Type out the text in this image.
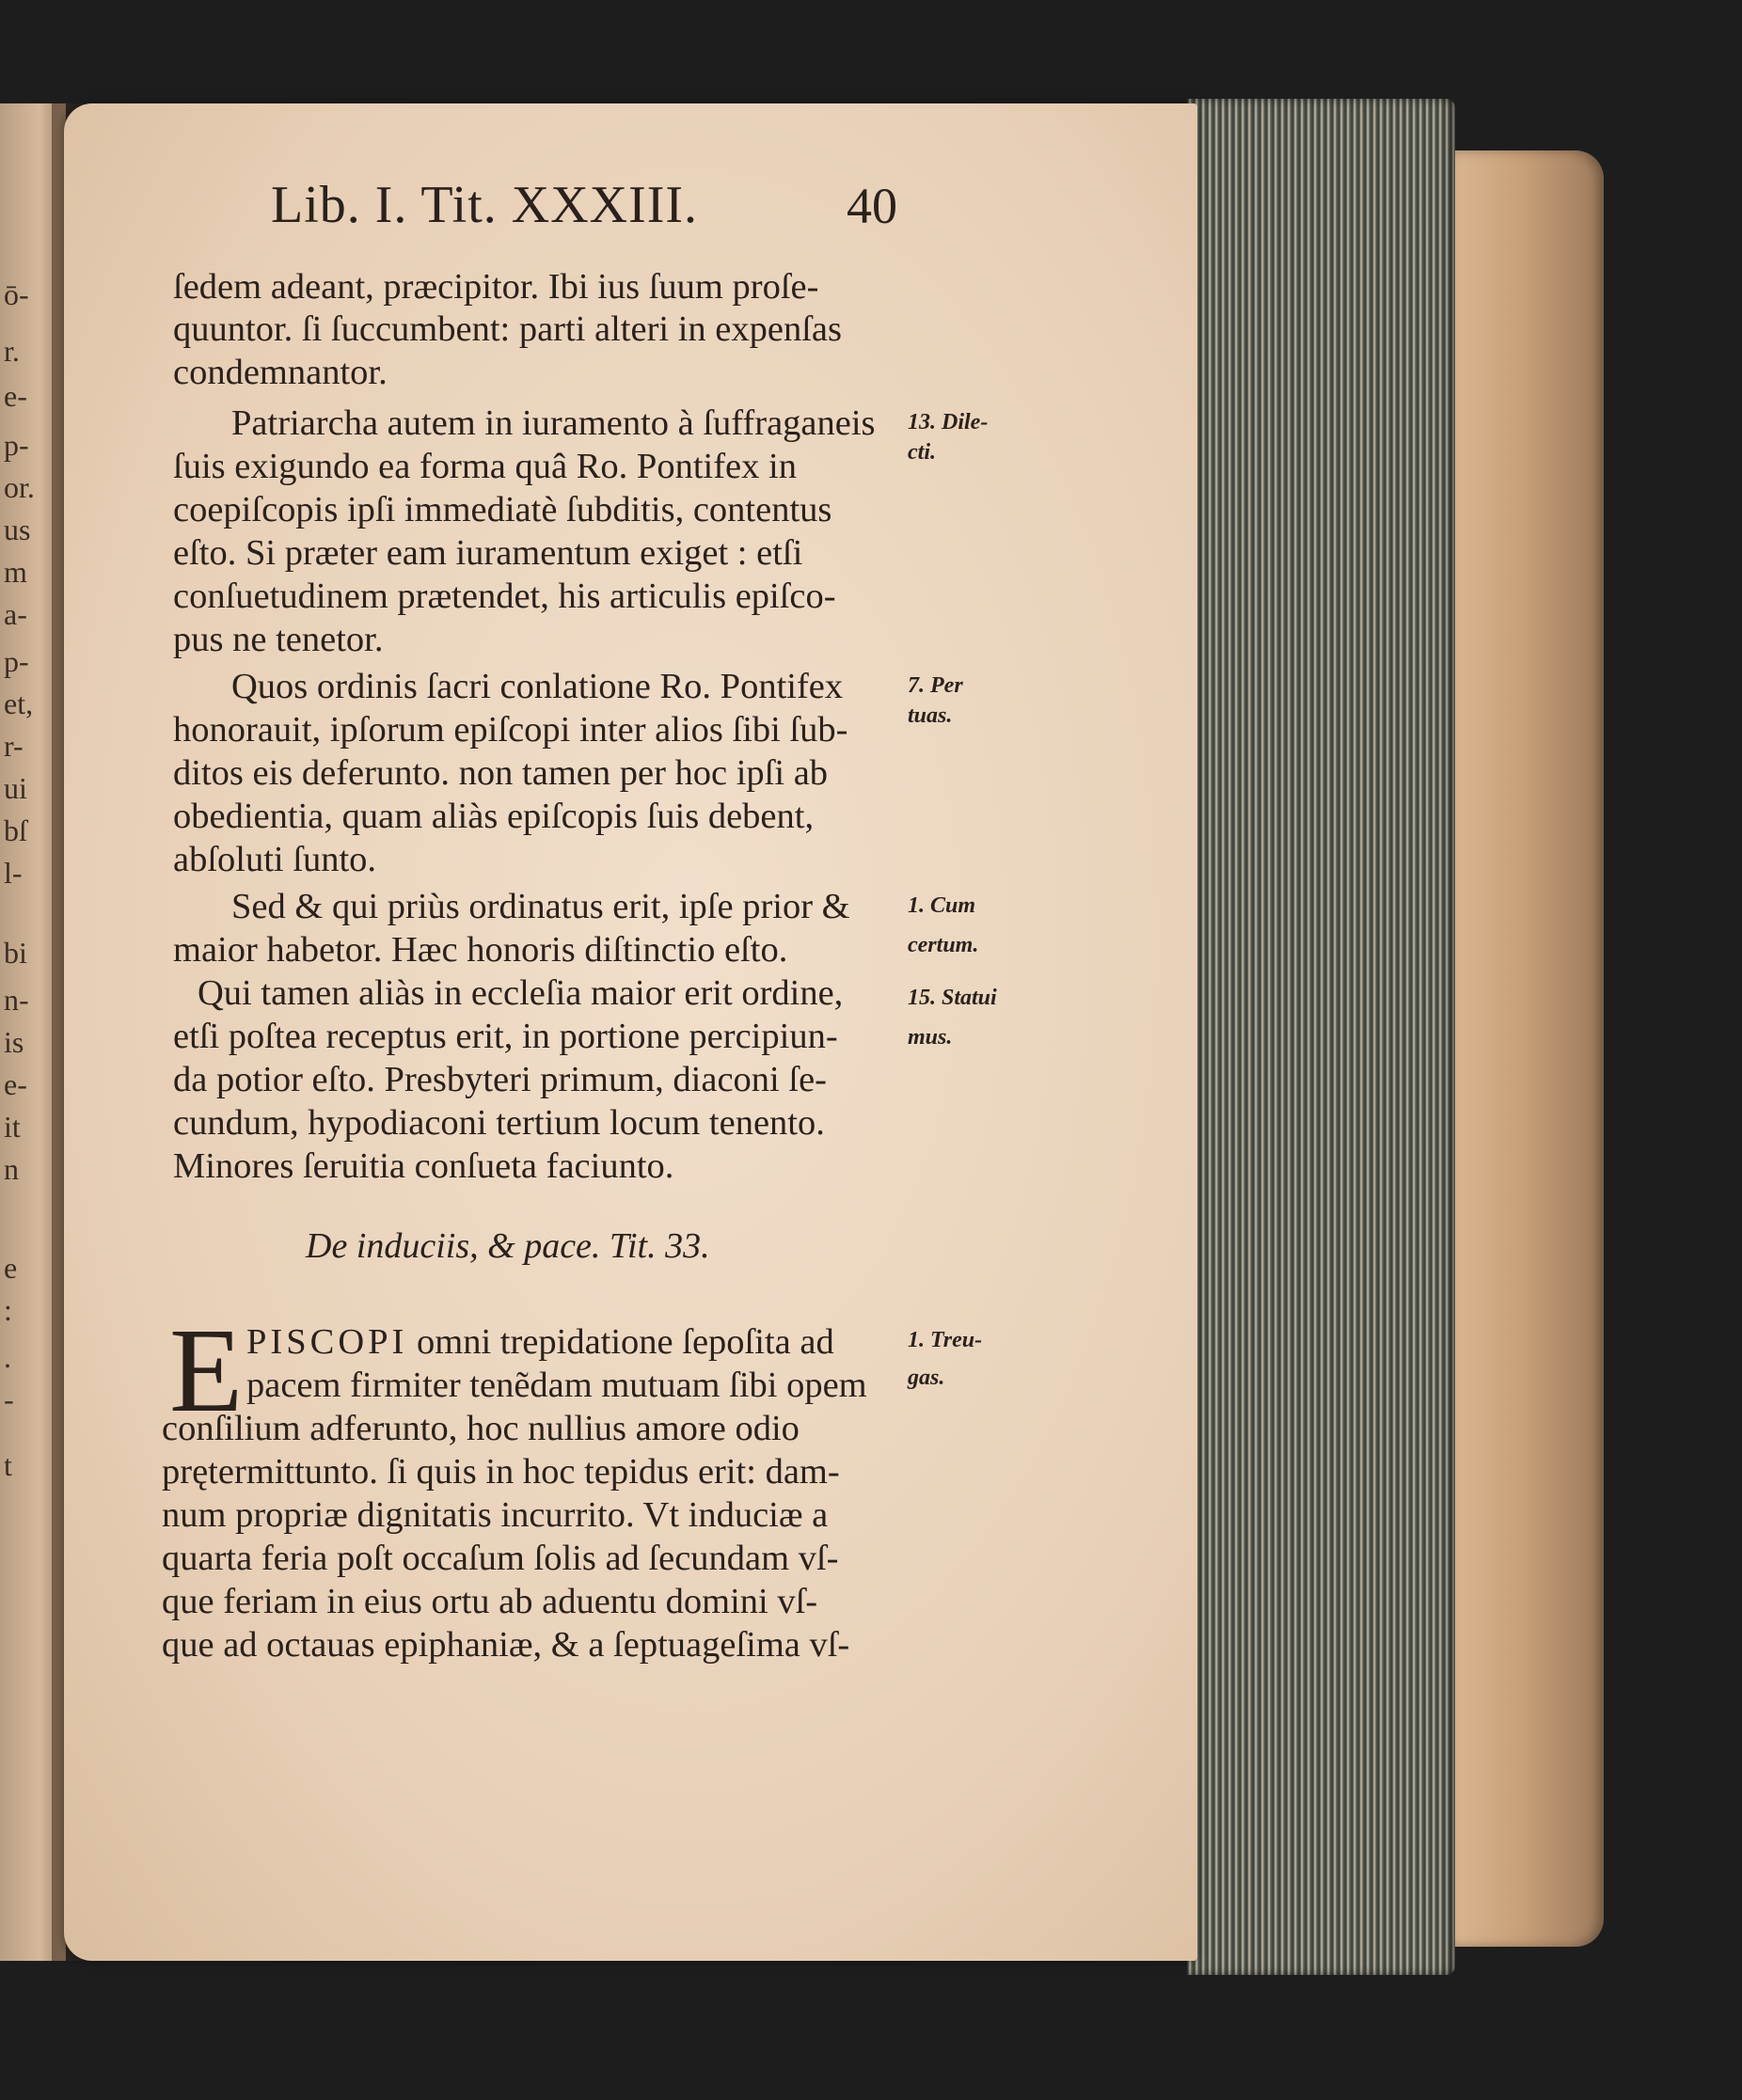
ō-
r.
e-
p-
or.
us
m
a-
p-
et,
r-
ui
bſ
l-
bi
n-
is
e-
it
n
e
:
.
-
t
Lib. I. Tit. XXXIII.	40
ſedem adeant, præcipitor. Ibi ius ſuum proſe-
quuntor. ſi ſuccumbent: parti alteri in expenſas
condemnantor.
Patriarcha autem in iuramento à ſuffraganeis
ſuis exigundo ea forma quâ Ro. Pontifex in
coepiſcopis ipſi immediatè ſubditis, contentus
eſto. Si præter eam iuramentum exiget : etſi
conſuetudinem prætendet, his articulis epiſco-
pus ne tenetor.
Quos ordinis ſacri conlatione Ro. Pontifex
honorauit, ipſorum epiſcopi inter alios ſibi ſub-
ditos eis deferunto. non tamen per hoc ipſi ab
obedientia, quam aliàs epiſcopis ſuis debent,
abſoluti ſunto.
Sed & qui priùs ordinatus erit, ipſe prior &
maior habetor. Hæc honoris diſtinctio eſto.
Qui tamen aliàs in eccleſia maior erit ordine,
etſi poſtea receptus erit, in portione percipiun-
da potior eſto. Presbyteri primum, diaconi ſe-
cundum, hypodiaconi tertium locum tenento.
Minores ſeruitia conſueta faciunto.
13. Dile-
cti.
7. Per
tuas.
1. Cum
certum.
15. Statui
mus.
1. Treu-
gas.
De induciis, & pace. Tit. 33.
E PISCOPI omni trepidatione ſepoſita ad
pacem firmiter tenẽdam mutuam ſibi opem
conſilium adferunto, hoc nullius amore odio
prętermittunto. ſi quis in hoc tepidus erit: dam-
num propriæ dignitatis incurrito. Vt induciæ a
quarta feria poſt occaſum ſolis ad ſecundam vſ-
que feriam in eius ortu ab aduentu domini vſ-
que ad octauas epiphaniæ, & a ſeptuageſima vſ-
